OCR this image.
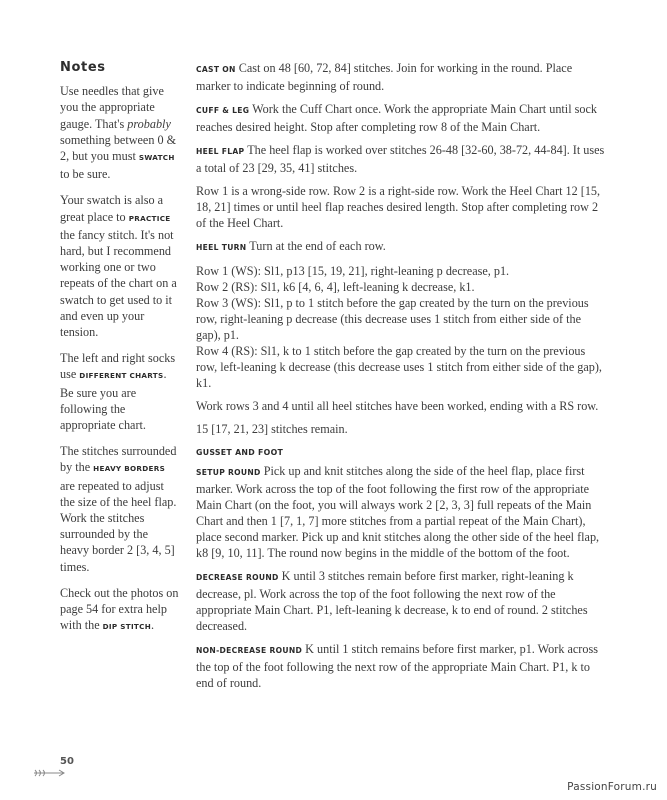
Notes

Use needles that give you the appropriate gauge. That's probably something between 0 & 2, but you must SWATCH to be sure.

Your swatch is also a great place to PRACTICE the fancy stitch. It's not hard, but I recommend working one or two repeats of the chart on a swatch to get used to it and even up your tension.

The left and right socks use DIFFERENT CHARTS. Be sure you are following the appropriate chart.

The stitches surrounded by the HEAVY BORDERS are repeated to adjust the size of the heel flap. Work the stitches surrounded by the heavy border 2 [3, 4, 5] times.

Check out the photos on page 54 for extra help with the DIP STITCH.

CAST ON Cast on 48 [60, 72, 84] stitches. Join for working in the round. Place marker to indicate beginning of round.

CUFF & LEG Work the Cuff Chart once. Work the appropriate Main Chart until sock reaches desired height. Stop after completing row 8 of the Main Chart.

HEEL FLAP The heel flap is worked over stitches 26-48 [32-60, 38-72, 44-84]. It uses a total of 23 [29, 35, 41] stitches.

Row 1 is a wrong-side row. Row 2 is a right-side row. Work the Heel Chart 12 [15, 18, 21] times or until heel flap reaches desired length. Stop after completing row 2 of the Heel Chart.

HEEL TURN Turn at the end of each row.

Row 1 (WS): Sl1, p13 [15, 19, 21], right-leaning p decrease, p1.

Row 2 (RS): Sl1, k6 [4, 6, 4], left-leaning k decrease, k1.

Row 3 (WS): Sl1, p to 1 stitch before the gap created by the turn on the previous row, right-leaning p decrease (this decrease uses 1 stitch from either side of the gap), p1.

Row 4 (RS): Sl1, k to 1 stitch before the gap created by the turn on the previous row, left-leaning k decrease (this decrease uses 1 stitch from either side of the gap), k1.

Work rows 3 and 4 until all heel stitches have been worked, ending with a RS row.

15 [17, 21, 23] stitches remain.

GUSSET AND FOOT

SETUP ROUND Pick up and knit stitches along the side of the heel flap, place first marker. Work across the top of the foot following the first row of the appropriate Main Chart (on the foot, you will always work 2 [2, 3, 3] full repeats of the Main Chart and then 1 [7, 1, 7] more stitches from a partial repeat of the Main Chart), place second marker. Pick up and knit stitches along the other side of the heel flap, k8 [9, 10, 11]. The round now begins in the middle of the bottom of the foot.

DECREASE ROUND K until 3 stitches remain before first marker, right-leaning k decrease, pl. Work across the top of the foot following the next row of the appropriate Main Chart. P1, left-leaning k decrease, k to end of round. 2 stitches decreased.

NON-DECREASE ROUND K until 1 stitch remains before first marker, p1. Work across the top of the foot following the next row of the appropriate Main Chart. P1, k to end of round.

50
PassionForum.ru
